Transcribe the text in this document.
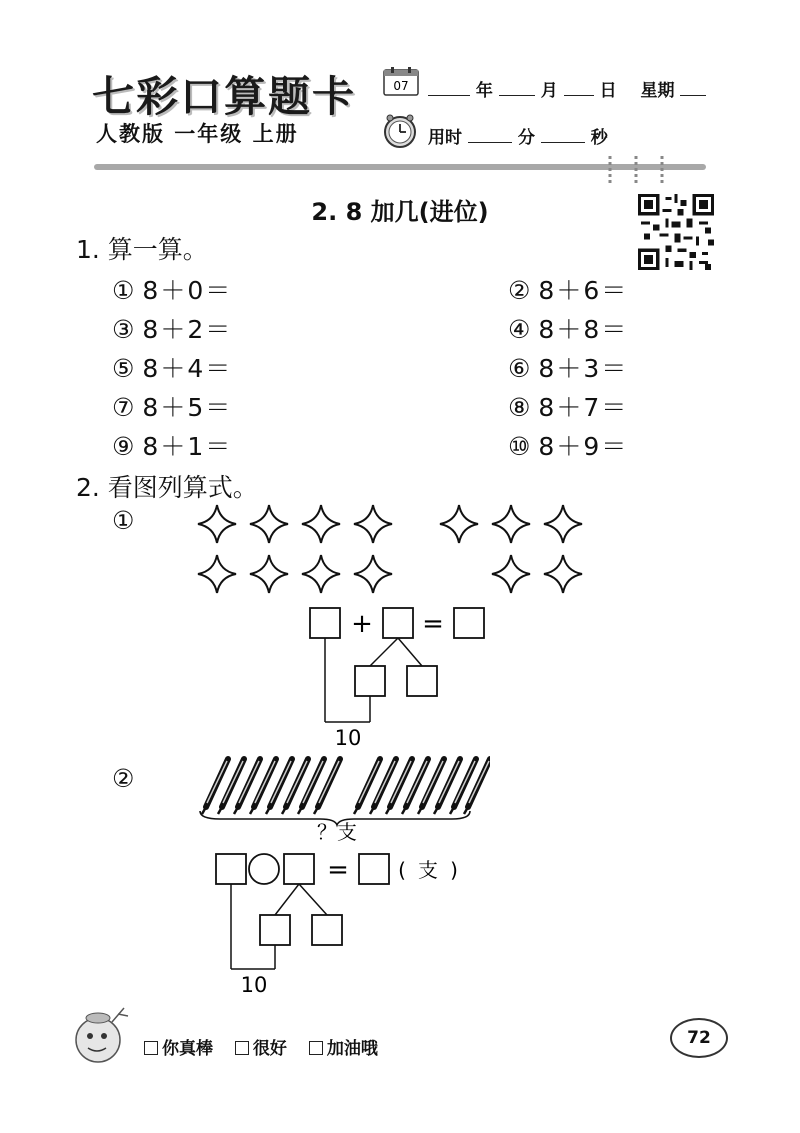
七彩口算题卡
人教版 一年级 上册
07	年	月 日 星期
用时	分	秒
2. 8 加几(进位)
1. 算一算。
① 8＋0＝	② 8＋6＝
③ 8＋2＝	④ 8＋8＝
⑤ 8＋4＝	⑥ 8＋3＝
⑦ 8＋5＝	⑧ 8＋7＝
⑨ 8＋1＝	⑩ 8＋9＝
2. 看图列算式。
①
+ =
10
②
？支
= ( 支 )
10
你真棒 很好 加油哦
72
